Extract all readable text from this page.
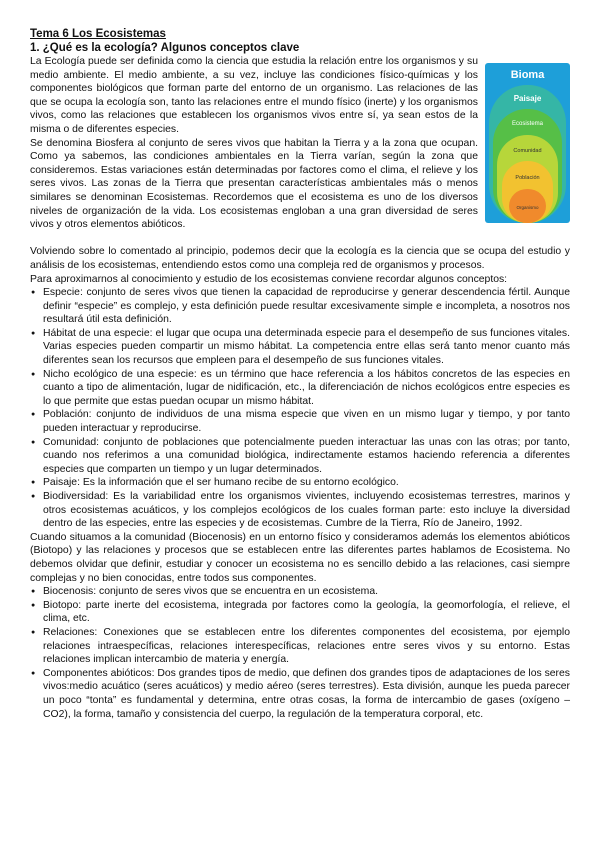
Tema 6 Los Ecosistemas
1. ¿Qué es la ecología? Algunos conceptos clave

La Ecología puede ser definida como la ciencia que estudia la relación entre los organismos y su medio ambiente. El medio ambiente, a su vez, incluye las condiciones físico-químicas y los componentes biológicos que forman parte del entorno de un organismo. Las relaciones de las que se ocupa la ecología son, tanto las relaciones entre el mundo físico (inerte) y los organismos vivos, como las relaciones que establecen los organismos vivos entre sí, ya sean estos de la misma o de diferentes especies.

Se denomina Biosfera al conjunto de seres vivos que habitan la Tierra y a la zona que ocupan. Como ya sabemos, las condiciones ambientales en la Tierra varían, según la zona que consideremos. Estas variaciones están determinadas por factores como el clima, el relieve y los seres vivos. Las zonas de la Tierra que presentan características ambientales más o menos similares se denominan Ecosistemas. Recordemos que el ecosistema es uno de los diversos niveles de organización de la vida. Los ecosistemas engloban a una gran diversidad de seres vivos y otros elementos abióticos.

Bioma
Paisaje
Ecosistema
Comunidad
Población
Organismo

Volviendo sobre lo comentado al principio, podemos decir que la ecología es la ciencia que se ocupa del estudio y análisis de los ecosistemas, entendiendo estos como una compleja red de organismos y procesos.

Para aproximarnos al conocimiento y estudio de los ecosistemas conviene recordar algunos conceptos:

● Especie: conjunto de seres vivos que tienen la capacidad de reproducirse y generar descendencia fértil. Aunque definir “especie” es complejo, y esta definición puede resultar excesivamente simple e incompleta, a nosotros nos resultará útil esta definición.
● Hábitat de una especie: el lugar que ocupa una determinada especie para el desempeño de sus funciones vitales. Varias especies pueden compartir un mismo hábitat. La competencia entre ellas será tanto menor cuanto más diferentes sean los recursos que empleen para el desempeño de sus funciones vitales.
● Nicho ecológico de una especie: es un término que hace referencia a los hábitos concretos de las especies en cuanto a tipo de alimentación, lugar de nidificación, etc., la diferenciación de nichos ecológicos entre especies es lo que permite que estas puedan ocupar un mismo hábitat.
● Población: conjunto de individuos de una misma especie que viven en un mismo lugar y tiempo, y por tanto pueden interactuar y reproducirse.
● Comunidad: conjunto de poblaciones que potencialmente pueden interactuar las unas con las otras; por tanto, cuando nos referimos a una comunidad biológica, indirectamente estamos haciendo referencia a diferentes especies que comparten un tiempo y un lugar determinados.
● Paisaje: Es la información que el ser humano recibe de su entorno ecológico.
● Biodiversidad: Es la variabilidad entre los organismos vivientes, incluyendo ecosistemas terrestres, marinos y otros ecosistemas acuáticos, y los complejos ecológicos de los cuales forman parte: esto incluye la diversidad dentro de las especies, entre las especies y de ecosistemas. Cumbre de la Tierra, Río de Janeiro, 1992.

Cuando situamos a la comunidad (Biocenosis) en un entorno físico y consideramos además los elementos abióticos (Biotopo) y las relaciones y procesos que se establecen entre las diferentes partes hablamos de Ecosistema. No debemos olvidar que definir, estudiar y conocer un ecosistema no es sencillo debido a las relaciones, casi siempre complejas y no bien conocidas, entre todos sus componentes.

● Biocenosis: conjunto de seres vivos que se encuentra en un ecosistema.
● Biotopo: parte inerte del ecosistema, integrada por factores como la geología, la geomorfología, el relieve, el clima, etc.
● Relaciones: Conexiones que se establecen entre los diferentes componentes del ecosistema, por ejemplo relaciones intraespecíficas, relaciones interespecíficas, relaciones entre seres vivos y su entorno. Estas relaciones implican intercambio de materia y energía.
● Componentes abióticos: Dos grandes tipos de medio, que definen dos grandes tipos de adaptaciones de los seres vivos:medio acuático (seres acuáticos) y medio aéreo (seres terrestres). Esta división, aunque les pueda parecer un poco “tonta” es fundamental y determina, entre otras cosas, la forma de intercambio de gases (oxígeno – CO2), la forma, tamaño y consistencia del cuerpo, la regulación de la temperatura corporal, etc.
